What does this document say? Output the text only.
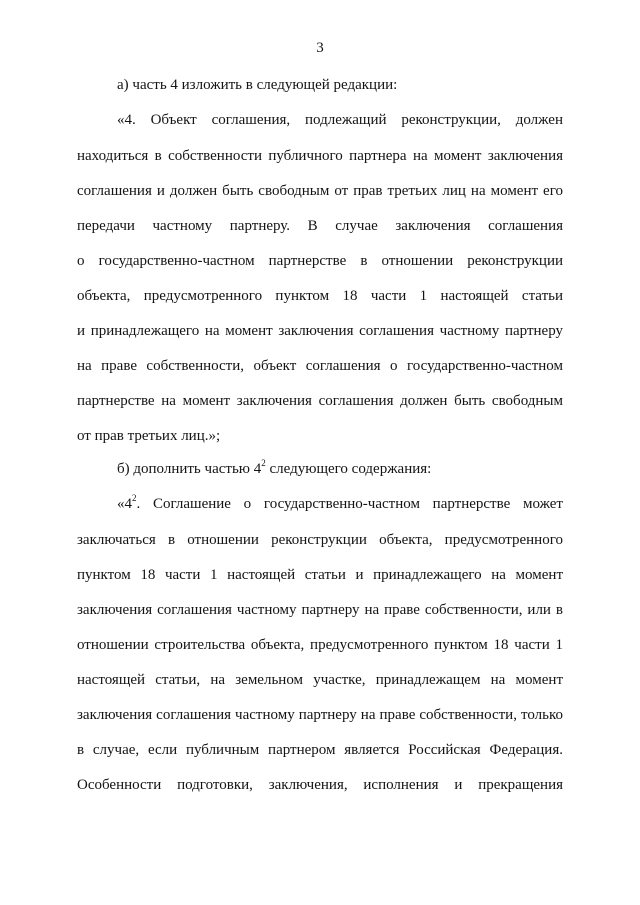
3
а) часть 4 изложить в следующей редакции:
«4. Объект соглашения, подлежащий реконструкции, должен
находиться в собственности публичного партнера на момент заключения
соглашения и должен быть свободным от прав третьих лиц на момент его
передачи частному партнеру. В случае заключения соглашения
о государственно-частном партнерстве в отношении реконструкции
объекта, предусмотренного пунктом 18 части 1 настоящей статьи
и принадлежащего на момент заключения соглашения частному партнеру
на праве собственности, объект соглашения о государственно-частном
партнерстве на момент заключения соглашения должен быть свободным
от прав третьих лиц.»;
б) дополнить частью $4^2$ следующего содержания:
«$4^2$. Соглашение о государственно-частном партнерстве может
заключаться в отношении реконструкции объекта, предусмотренного
пунктом 18 части 1 настоящей статьи и принадлежащего на момент
заключения соглашения частному партнеру на праве собственности, или в
отношении строительства объекта, предусмотренного пунктом 18 части 1
настоящей статьи, на земельном участке, принадлежащем на момент
заключения соглашения частному партнеру на праве собственности, только
в случае, если публичным партнером является Российская Федерация.
Особенности подготовки, заключения, исполнения и прекращения
